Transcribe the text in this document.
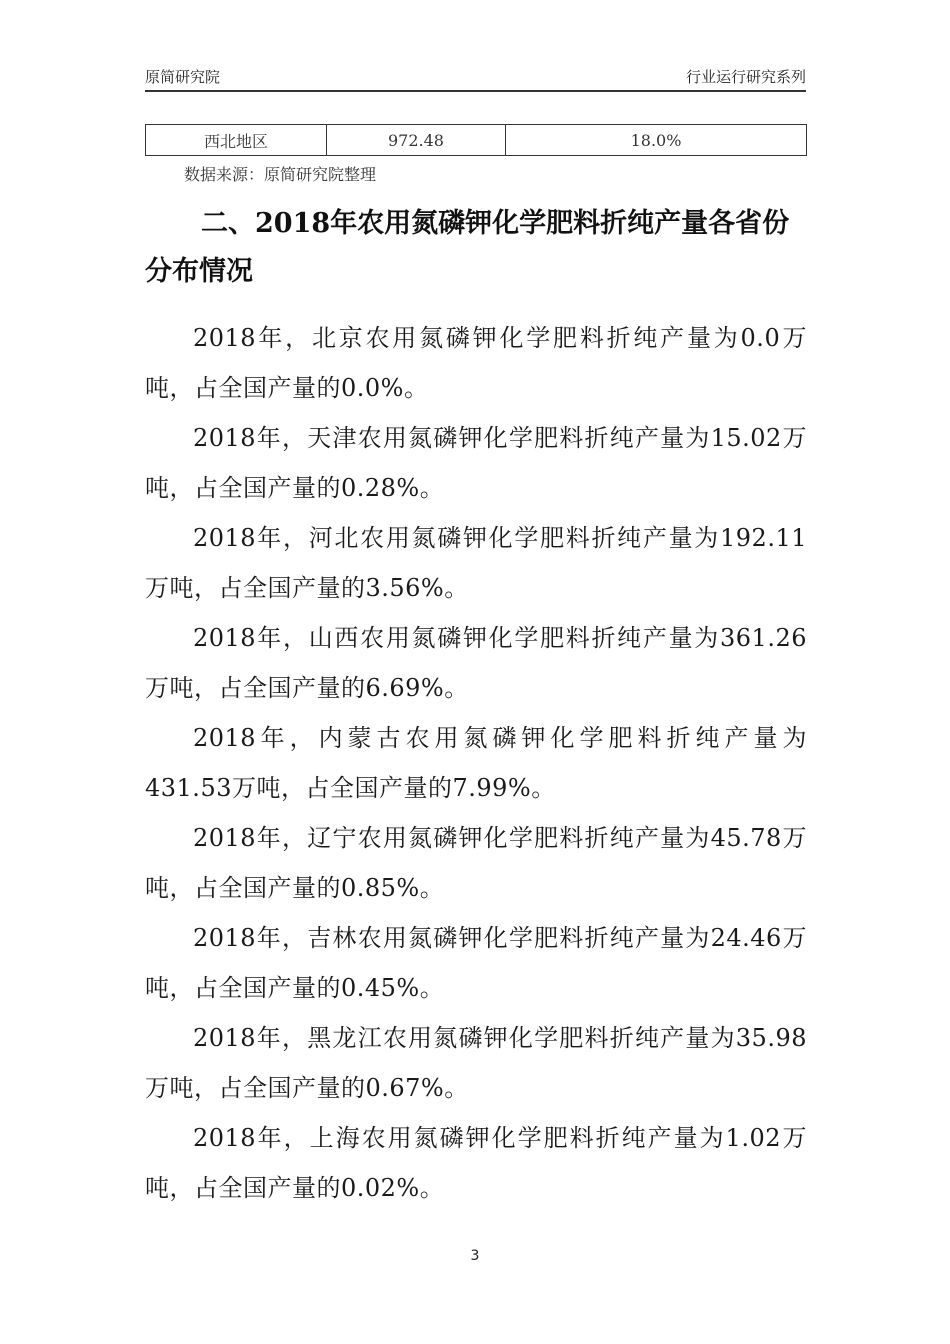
原简研究院	行业运行研究系列
西北地区	972.48	18.0%
数据来源：原简研究院整理
二、2018年农用氮磷钾化学肥料折纯产量各省份分布情况

2018年，北京农用氮磷钾化学肥料折纯产量为0.0万吨，占全国产量的0.0%。

2018年，天津农用氮磷钾化学肥料折纯产量为15.02万吨，占全国产量的0.28%。

2018年，河北农用氮磷钾化学肥料折纯产量为192.11万吨，占全国产量的3.56%。

2018年，山西农用氮磷钾化学肥料折纯产量为361.26万吨，占全国产量的6.69%。

2018年，内蒙古农用氮磷钾化学肥料折纯产量为431.53万吨，占全国产量的7.99%。

2018年，辽宁农用氮磷钾化学肥料折纯产量为45.78万吨，占全国产量的0.85%。

2018年，吉林农用氮磷钾化学肥料折纯产量为24.46万吨，占全国产量的0.45%。

2018年，黑龙江农用氮磷钾化学肥料折纯产量为35.98万吨，占全国产量的0.67%。

2018年，上海农用氮磷钾化学肥料折纯产量为1.02万吨，占全国产量的0.02%。

3
